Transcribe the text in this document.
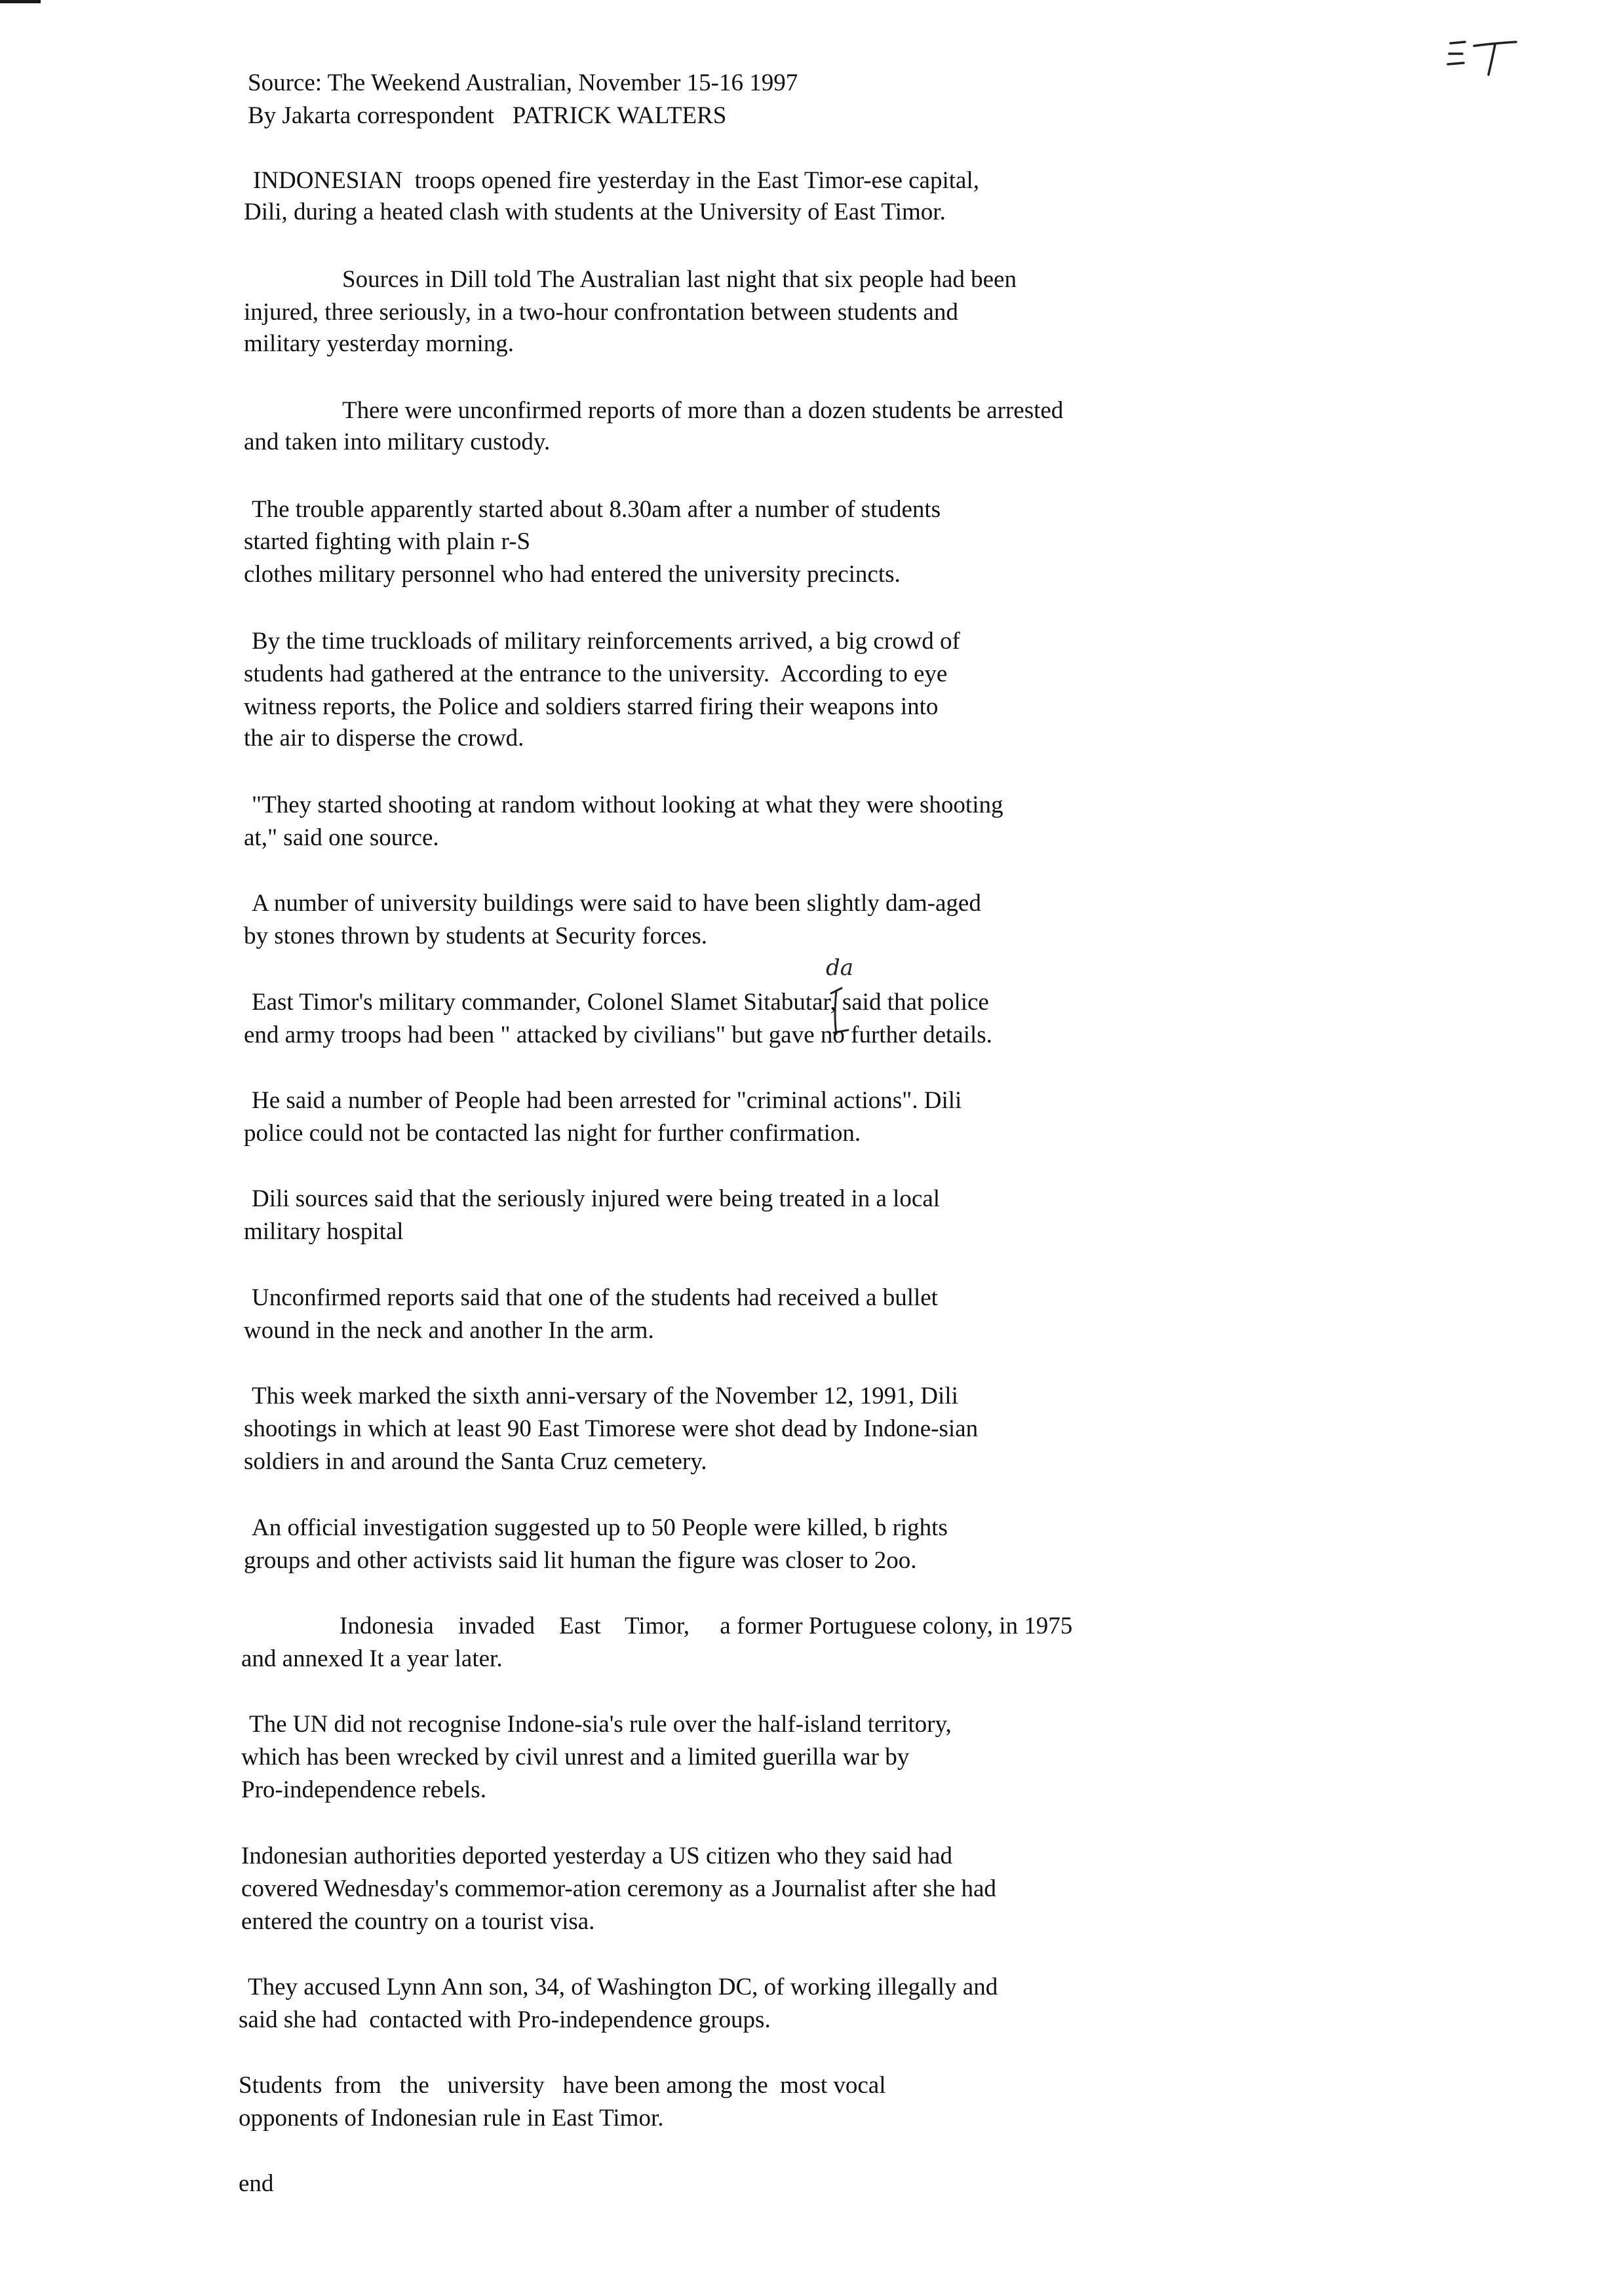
Source: The Weekend Australian, November 15-16 1997
By Jakarta correspondent   PATRICK WALTERS
INDONESIAN  troops opened fire yesterday in the East Timor-ese capital,
Dili, during a heated clash with students at the University of East Timor.
Sources in Dill told The Australian last night that six people had been
injured, three seriously, in a two-hour confrontation between students and
military yesterday morning.
There were unconfirmed reports of more than a dozen students be arrested
and taken into military custody.
The trouble apparently started about 8.30am after a number of students
started fighting with plain r-S
clothes military personnel who had entered the university precincts.
By the time truckloads of military reinforcements arrived, a big crowd of
students had gathered at the entrance to the university.  According to eye
witness reports, the Police and soldiers starred firing their weapons into
the air to disperse the crowd.
"They started shooting at random without looking at what they were shooting
at," said one source.
A number of university buildings were said to have been slightly dam-aged
by stones thrown by students at Security forces.
da
East Timor's military commander, Colonel Slamet Sitabutar, said that police
end army troops had been " attacked by civilians" but gave no further details.
He said a number of People had been arrested for "criminal actions". Dili
police could not be contacted las night for further confirmation.
Dili sources said that the seriously injured were being treated in a local
military hospital
Unconfirmed reports said that one of the students had received a bullet
wound in the neck and another In the arm.
This week marked the sixth anni-versary of the November 12, 1991, Dili
shootings in which at least 90 East Timorese were shot dead by Indone-sian
soldiers in and around the Santa Cruz cemetery.
An official investigation suggested up to 50 People were killed, b rights
groups and other activists said lit human the figure was closer to 2oo.
Indonesia    invaded    East    Timor,     a former Portuguese colony, in 1975
and annexed It a year later.
The UN did not recognise Indone-sia's rule over the half-island territory,
which has been wrecked by civil unrest and a limited guerilla war by
Pro-independence rebels.
Indonesian authorities deported yesterday a US citizen who they said had
covered Wednesday's commemor-ation ceremony as a Journalist after she had
entered the country on a tourist visa.
They accused Lynn Ann son, 34, of Washington DC, of working illegally and
said she had  contacted with Pro-independence groups.
Students  from   the   university   have been among the  most vocal
opponents of Indonesian rule in East Timor.
end
